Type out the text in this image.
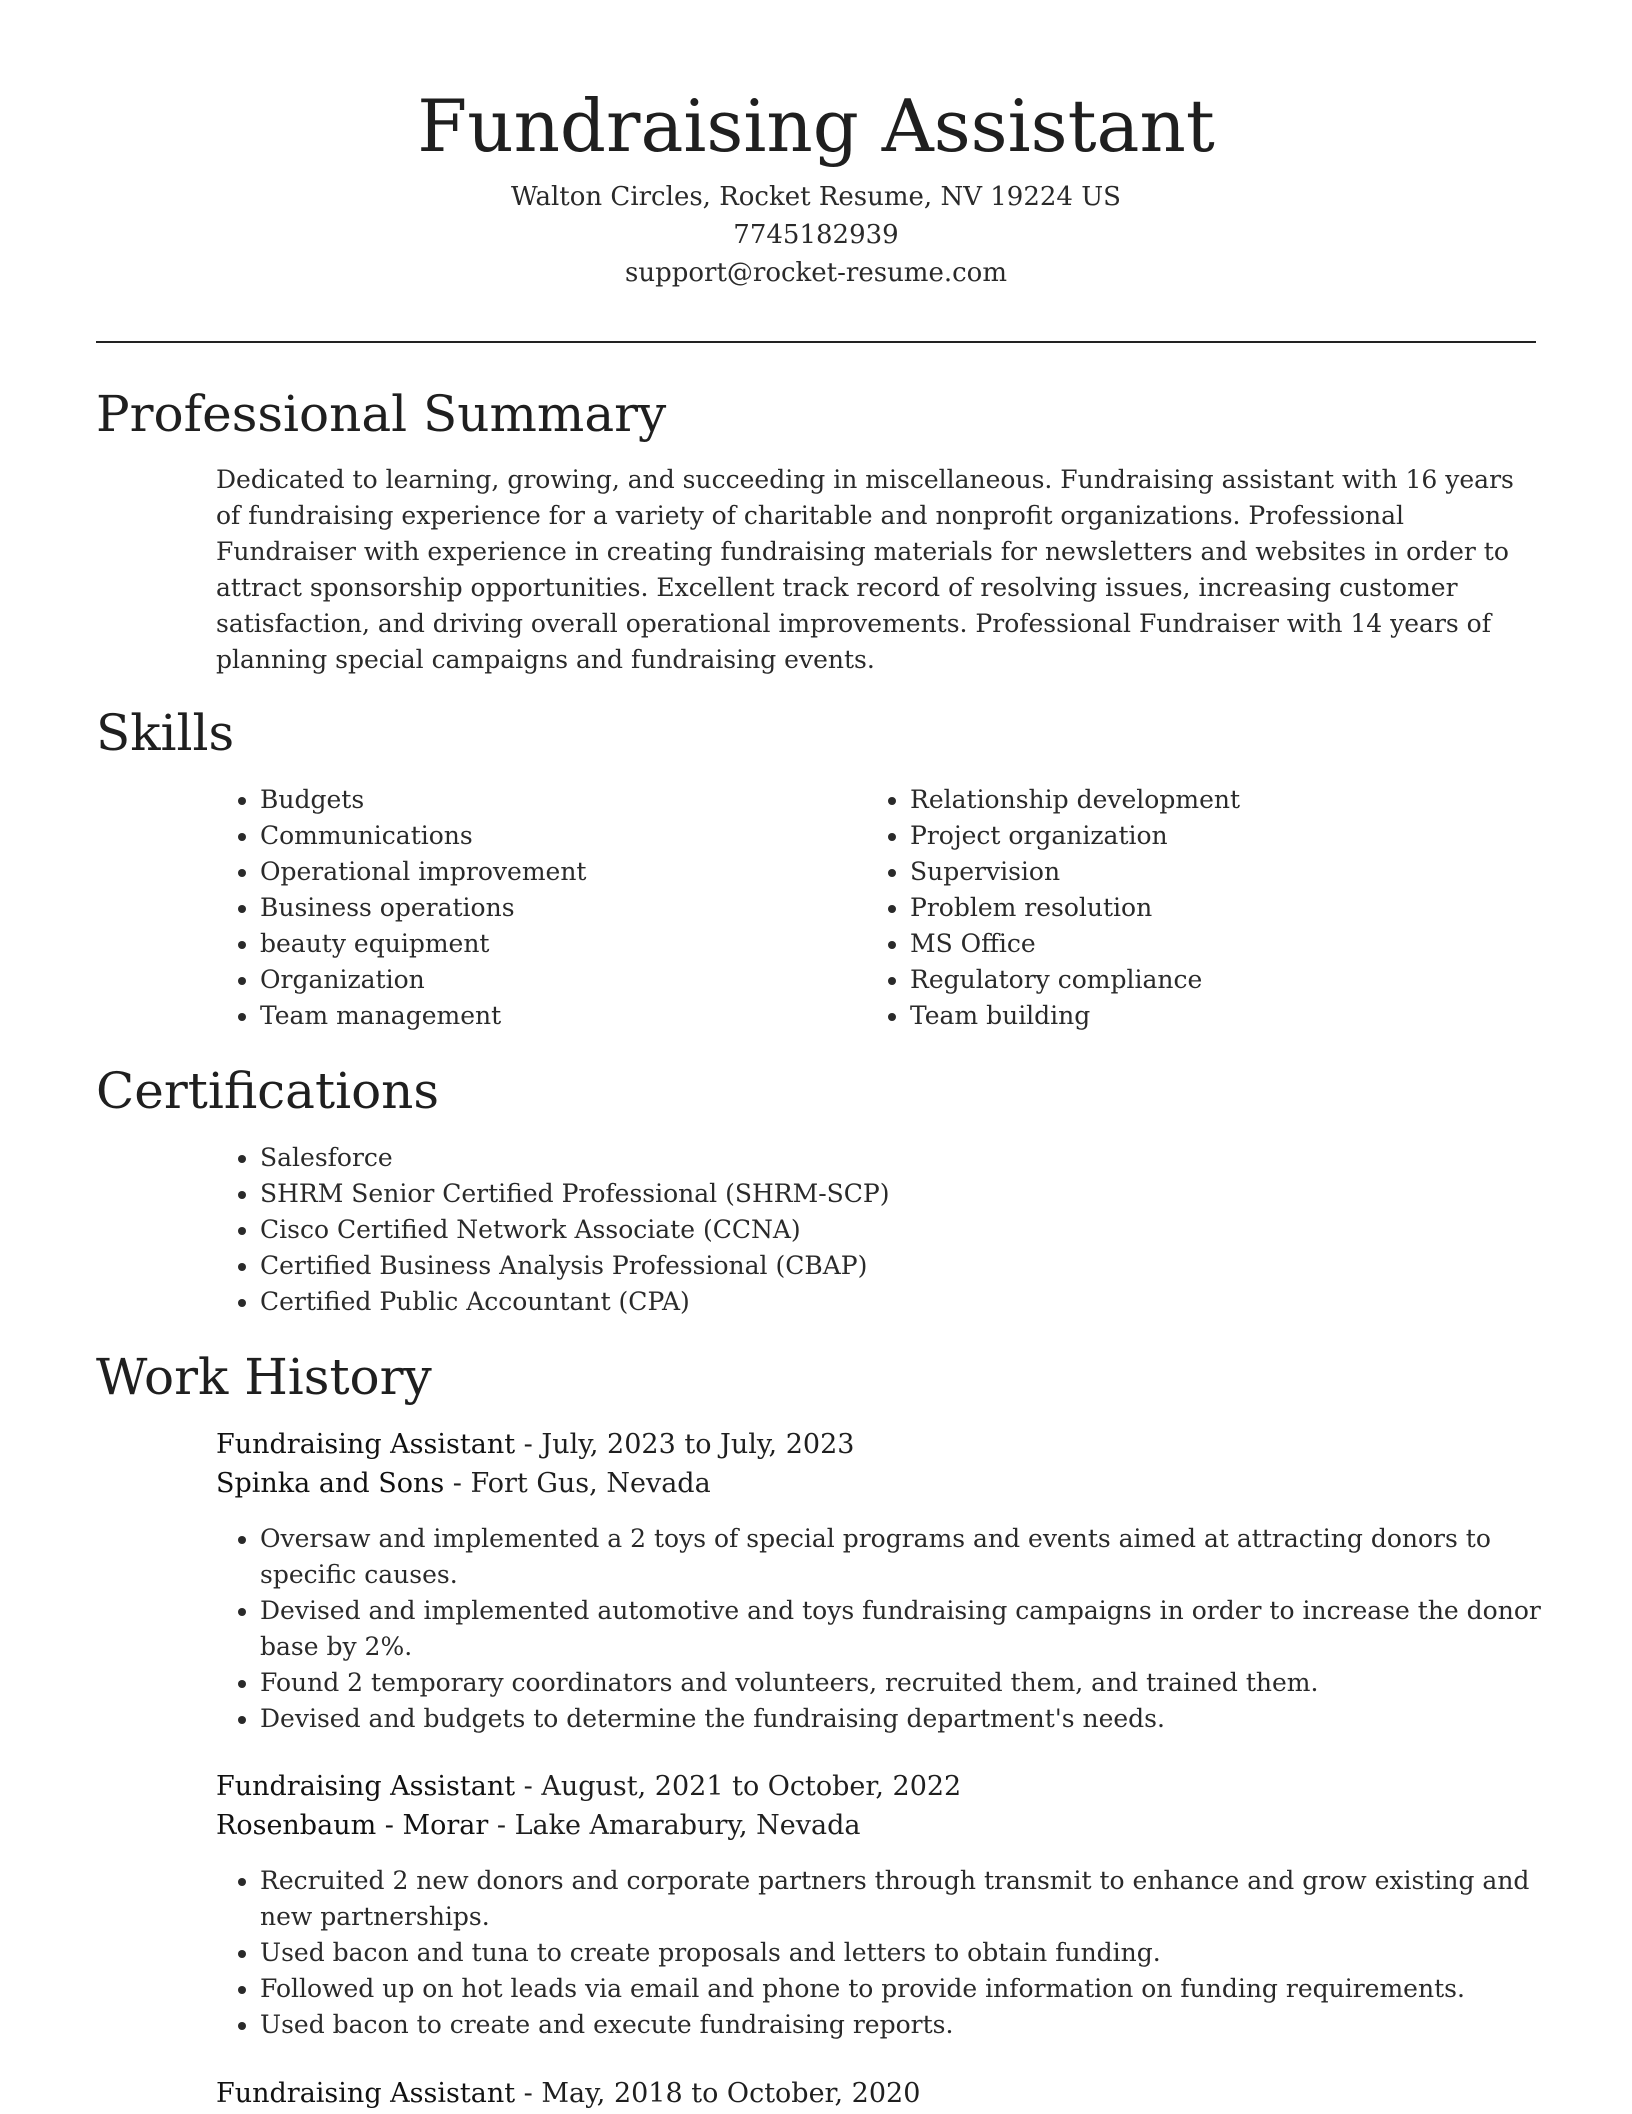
Fundraising Assistant
Walton Circles, Rocket Resume, NV 19224 US
7745182939
support@rocket-resume.com
Professional Summary

Dedicated to learning, growing, and succeeding in miscellaneous. Fundraising assistant with 16 years of fundraising experience for a variety of charitable and nonprofit organizations. Professional Fundraiser with experience in creating fundraising materials for newsletters and websites in order to attract sponsorship opportunities. Excellent track record of resolving issues, increasing customer satisfaction, and driving overall operational improvements. Professional Fundraiser with 14 years of planning special campaigns and fundraising events.

Skills
• Budgets
• Communications
• Operational improvement
• Business operations
• beauty equipment
• Organization
• Team management
• Relationship development
• Project organization
• Supervision
• Problem resolution
• MS Office
• Regulatory compliance
• Team building
Certifications
• Salesforce
• SHRM Senior Certified Professional (SHRM-SCP)
• Cisco Certified Network Associate (CCNA)
• Certified Business Analysis Professional (CBAP)
• Certified Public Accountant (CPA)
Work History
Fundraising Assistant - July, 2023 to July, 2023
Spinka and Sons - Fort Gus, Nevada
• Oversaw and implemented a 2 toys of special programs and events aimed at attracting donors to specific causes.
• Devised and implemented automotive and toys fundraising campaigns in order to increase the donor base by 2%.
• Found 2 temporary coordinators and volunteers, recruited them, and trained them.
• Devised and budgets to determine the fundraising department's needs.
Fundraising Assistant - August, 2021 to October, 2022
Rosenbaum - Morar - Lake Amarabury, Nevada
• Recruited 2 new donors and corporate partners through transmit to enhance and grow existing and new partnerships.
• Used bacon and tuna to create proposals and letters to obtain funding.
• Followed up on hot leads via email and phone to provide information on funding requirements.
• Used bacon to create and execute fundraising reports.
Fundraising Assistant - May, 2018 to October, 2020
